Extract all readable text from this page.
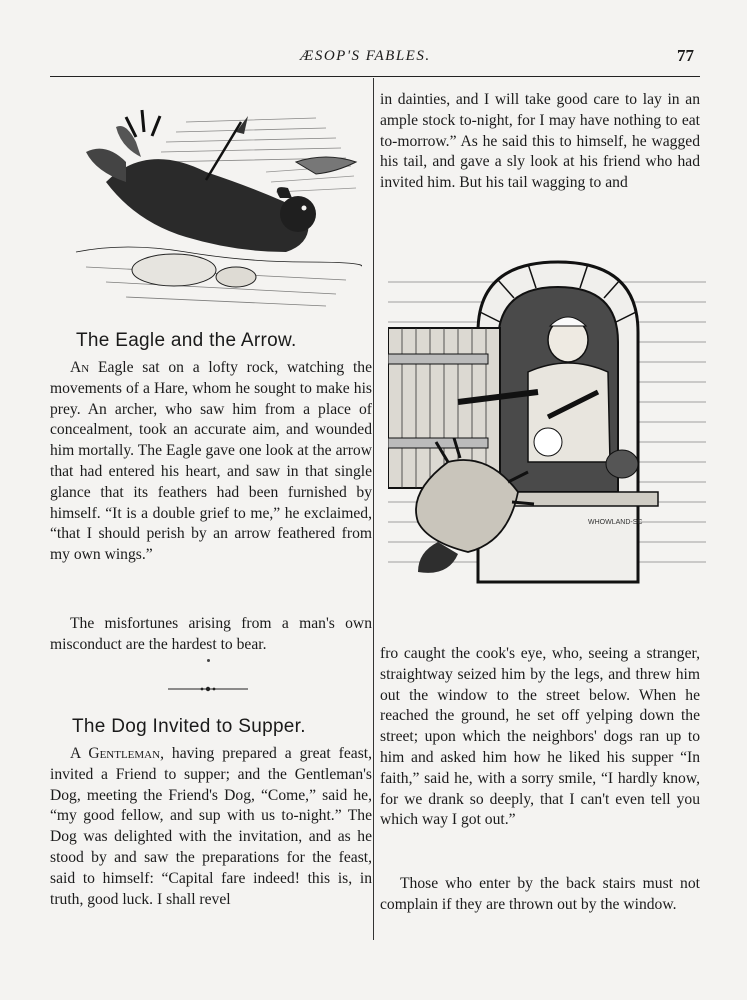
ÆSOP'S FABLES.	77
The Eagle and the Arrow.

An Eagle sat on a lofty rock, watching the movements of a Hare, whom he sought to make his prey. An archer, who saw him from a place of concealment, took an accurate aim, and wounded him mortally. The Eagle gave one look at the arrow that had entered his heart, and saw in that single glance that its feathers had been furnished by himself. “It is a double grief to me,” he exclaimed, “that I should perish by an arrow feathered from my own wings.”

The misfortunes arising from a man's own misconduct are the hardest to bear.

The Dog Invited to Supper.

A Gentleman, having prepared a great feast, invited a Friend to supper; and the Gentleman's Dog, meeting the Friend's Dog, “Come,” said he, “my good fellow, and sup with us to-night.” The Dog was delighted with the invitation, and as he stood by and saw the preparations for the feast, said to himself: “Capital fare indeed! this is, in truth, good luck. I shall revel

in dainties, and I will take good care to lay in an ample stock to-night, for I may have nothing to eat to-morrow.” As he said this to himself, he wagged his tail, and gave a sly look at his friend who had invited him. But his tail wagging to and

WHOWLAND-SC

fro caught the cook's eye, who, seeing a stranger, straightway seized him by the legs, and threw him out the window to the street below. When he reached the ground, he set off yelping down the street; upon which the neighbors' dogs ran up to him and asked him how he liked his supper “In faith,” said he, with a sorry smile, “I hardly know, for we drank so deeply, that I can't even tell you which way I got out.”

Those who enter by the back stairs must not complain if they are thrown out by the window.
